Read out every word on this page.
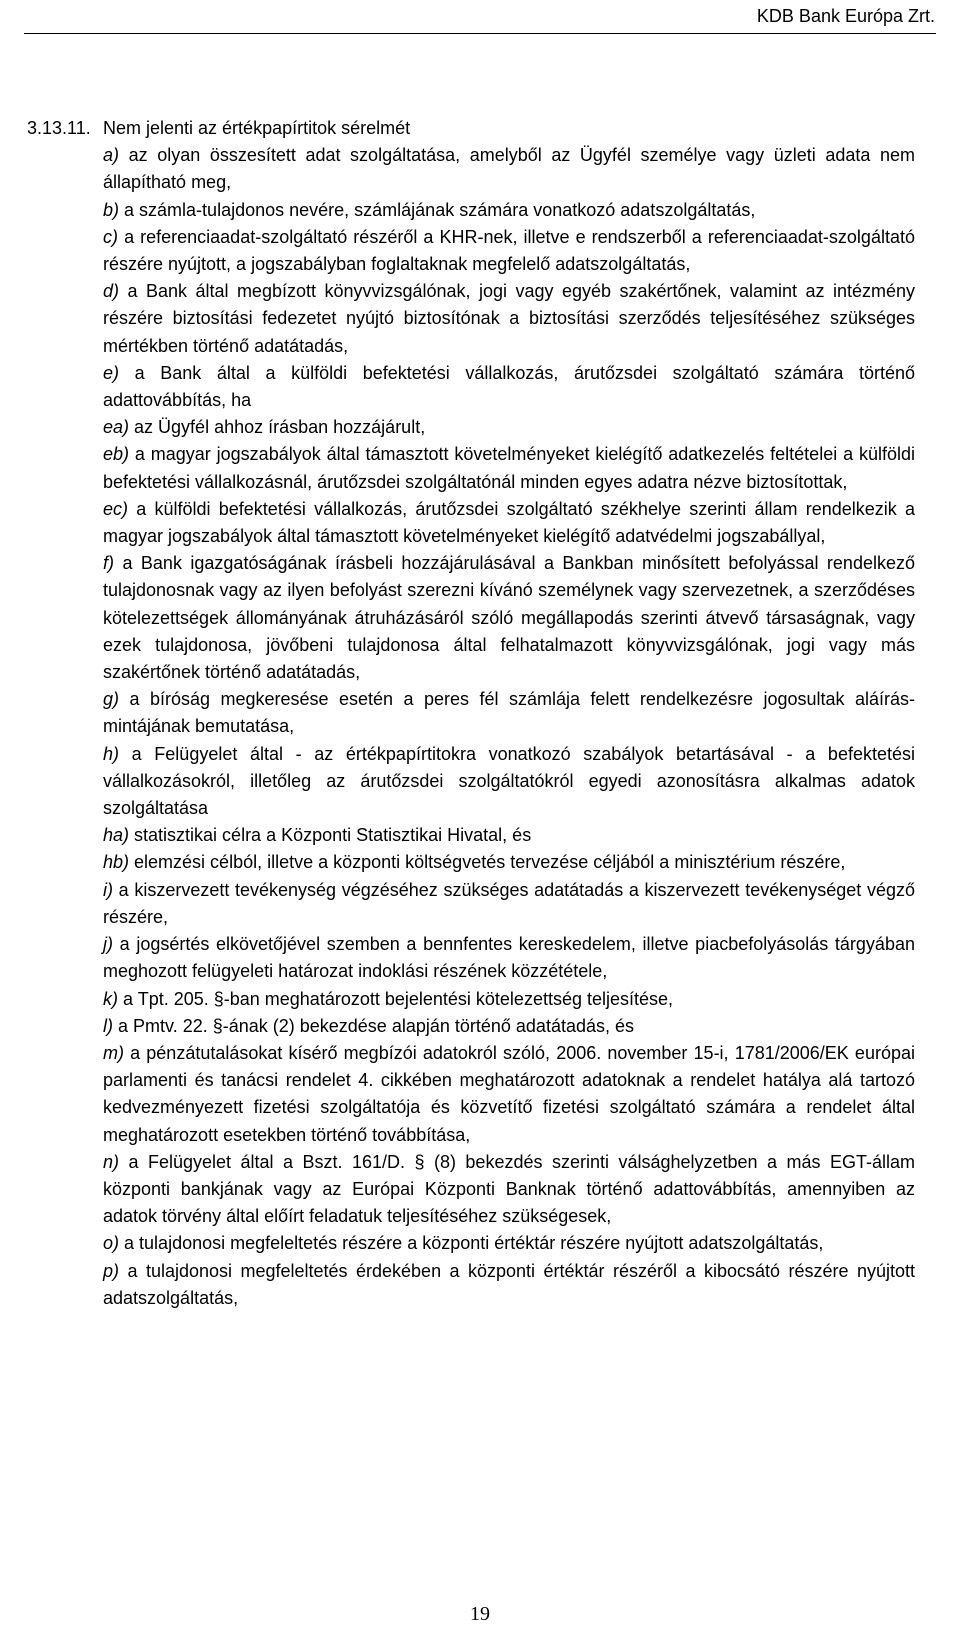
KDB Bank Európa Zrt.
3.13.11. Nem jelenti az értékpapírtitok sérelmét

a) az olyan összesített adat szolgáltatása, amelyből az Ügyfél személye vagy üzleti adata nem állapítható meg,

b) a számla-tulajdonos nevére, számlájának számára vonatkozó adatszolgáltatás,

c) a referenciaadat-szolgáltató részéről a KHR-nek, illetve e rendszerből a referenciaadat-szolgáltató részére nyújtott, a jogszabályban foglaltaknak megfelelő adatszolgáltatás,

d) a Bank által megbízott könyvvizsgálónak, jogi vagy egyéb szakértőnek, valamint az intézmény részére biztosítási fedezetet nyújtó biztosítónak a biztosítási szerződés teljesítéséhez szükséges mértékben történő adatátadás,

e) a Bank által a külföldi befektetési vállalkozás, árutőzsdei szolgáltató számára történő adattovábbítás, ha

ea) az Ügyfél ahhoz írásban hozzájárult,

eb) a magyar jogszabályok által támasztott követelményeket kielégítő adatkezelés feltételei a külföldi befektetési vállalkozásnál, árutőzsdei szolgáltatónál minden egyes adatra nézve biztosítottak,

ec) a külföldi befektetési vállalkozás, árutőzsdei szolgáltató székhelye szerinti állam rendelkezik a magyar jogszabályok által támasztott követelményeket kielégítő adatvédelmi jogszabállyal,

f) a Bank igazgatóságának írásbeli hozzájárulásával a Bankban minősített befolyással rendelkező tulajdonosnak vagy az ilyen befolyást szerezni kívánó személynek vagy szervezetnek, a szerződéses kötelezettségek állományának átruházásáról szóló megállapodás szerinti átvevő társaságnak, vagy ezek tulajdonosa, jövőbeni tulajdonosa által felhatalmazott könyvvizsgálónak, jogi vagy más szakértőnek történő adatátadás,

g) a bíróság megkeresése esetén a peres fél számlája felett rendelkezésre jogosultak aláírás-mintájának bemutatása,

h) a Felügyelet által - az értékpapírtitokra vonatkozó szabályok betartásával - a befektetési vállalkozásokról, illetőleg az árutőzsdei szolgáltatókról egyedi azonosításra alkalmas adatok szolgáltatása

ha) statisztikai célra a Központi Statisztikai Hivatal, és

hb) elemzési célból, illetve a központi költségvetés tervezése céljából a minisztérium részére,

i) a kiszervezett tevékenység végzéséhez szükséges adatátadás a kiszervezett tevékenységet végző részére,

j) a jogsértés elkövetőjével szemben a bennfentes kereskedelem, illetve piacbefolyásolás tárgyában meghozott felügyeleti határozat indoklási részének közzététele,

k) a Tpt. 205. §-ban meghatározott bejelentési kötelezettség teljesítése,

l) a Pmtv. 22. §-ának (2) bekezdése alapján történő adatátadás, és

m) a pénzátutalásokat kísérő megbízói adatokról szóló, 2006. november 15-i, 1781/2006/EK európai parlamenti és tanácsi rendelet 4. cikkében meghatározott adatoknak a rendelet hatálya alá tartozó kedvezményezett fizetési szolgáltatója és közvetítő fizetési szolgáltató számára a rendelet által meghatározott esetekben történő továbbítása,

n) a Felügyelet által a Bszt. 161/D. § (8) bekezdés szerinti válsághelyzetben a más EGT-állam központi bankjának vagy az Európai Központi Banknak történő adattovábbítás, amennyiben az adatok törvény által előírt feladatuk teljesítéséhez szükségesek,

o) a tulajdonosi megfeleltetés részére a központi értéktár részére nyújtott adatszolgáltatás,

p) a tulajdonosi megfeleltetés érdekében a központi értéktár részéről a kibocsátó részére nyújtott adatszolgáltatás,

19
